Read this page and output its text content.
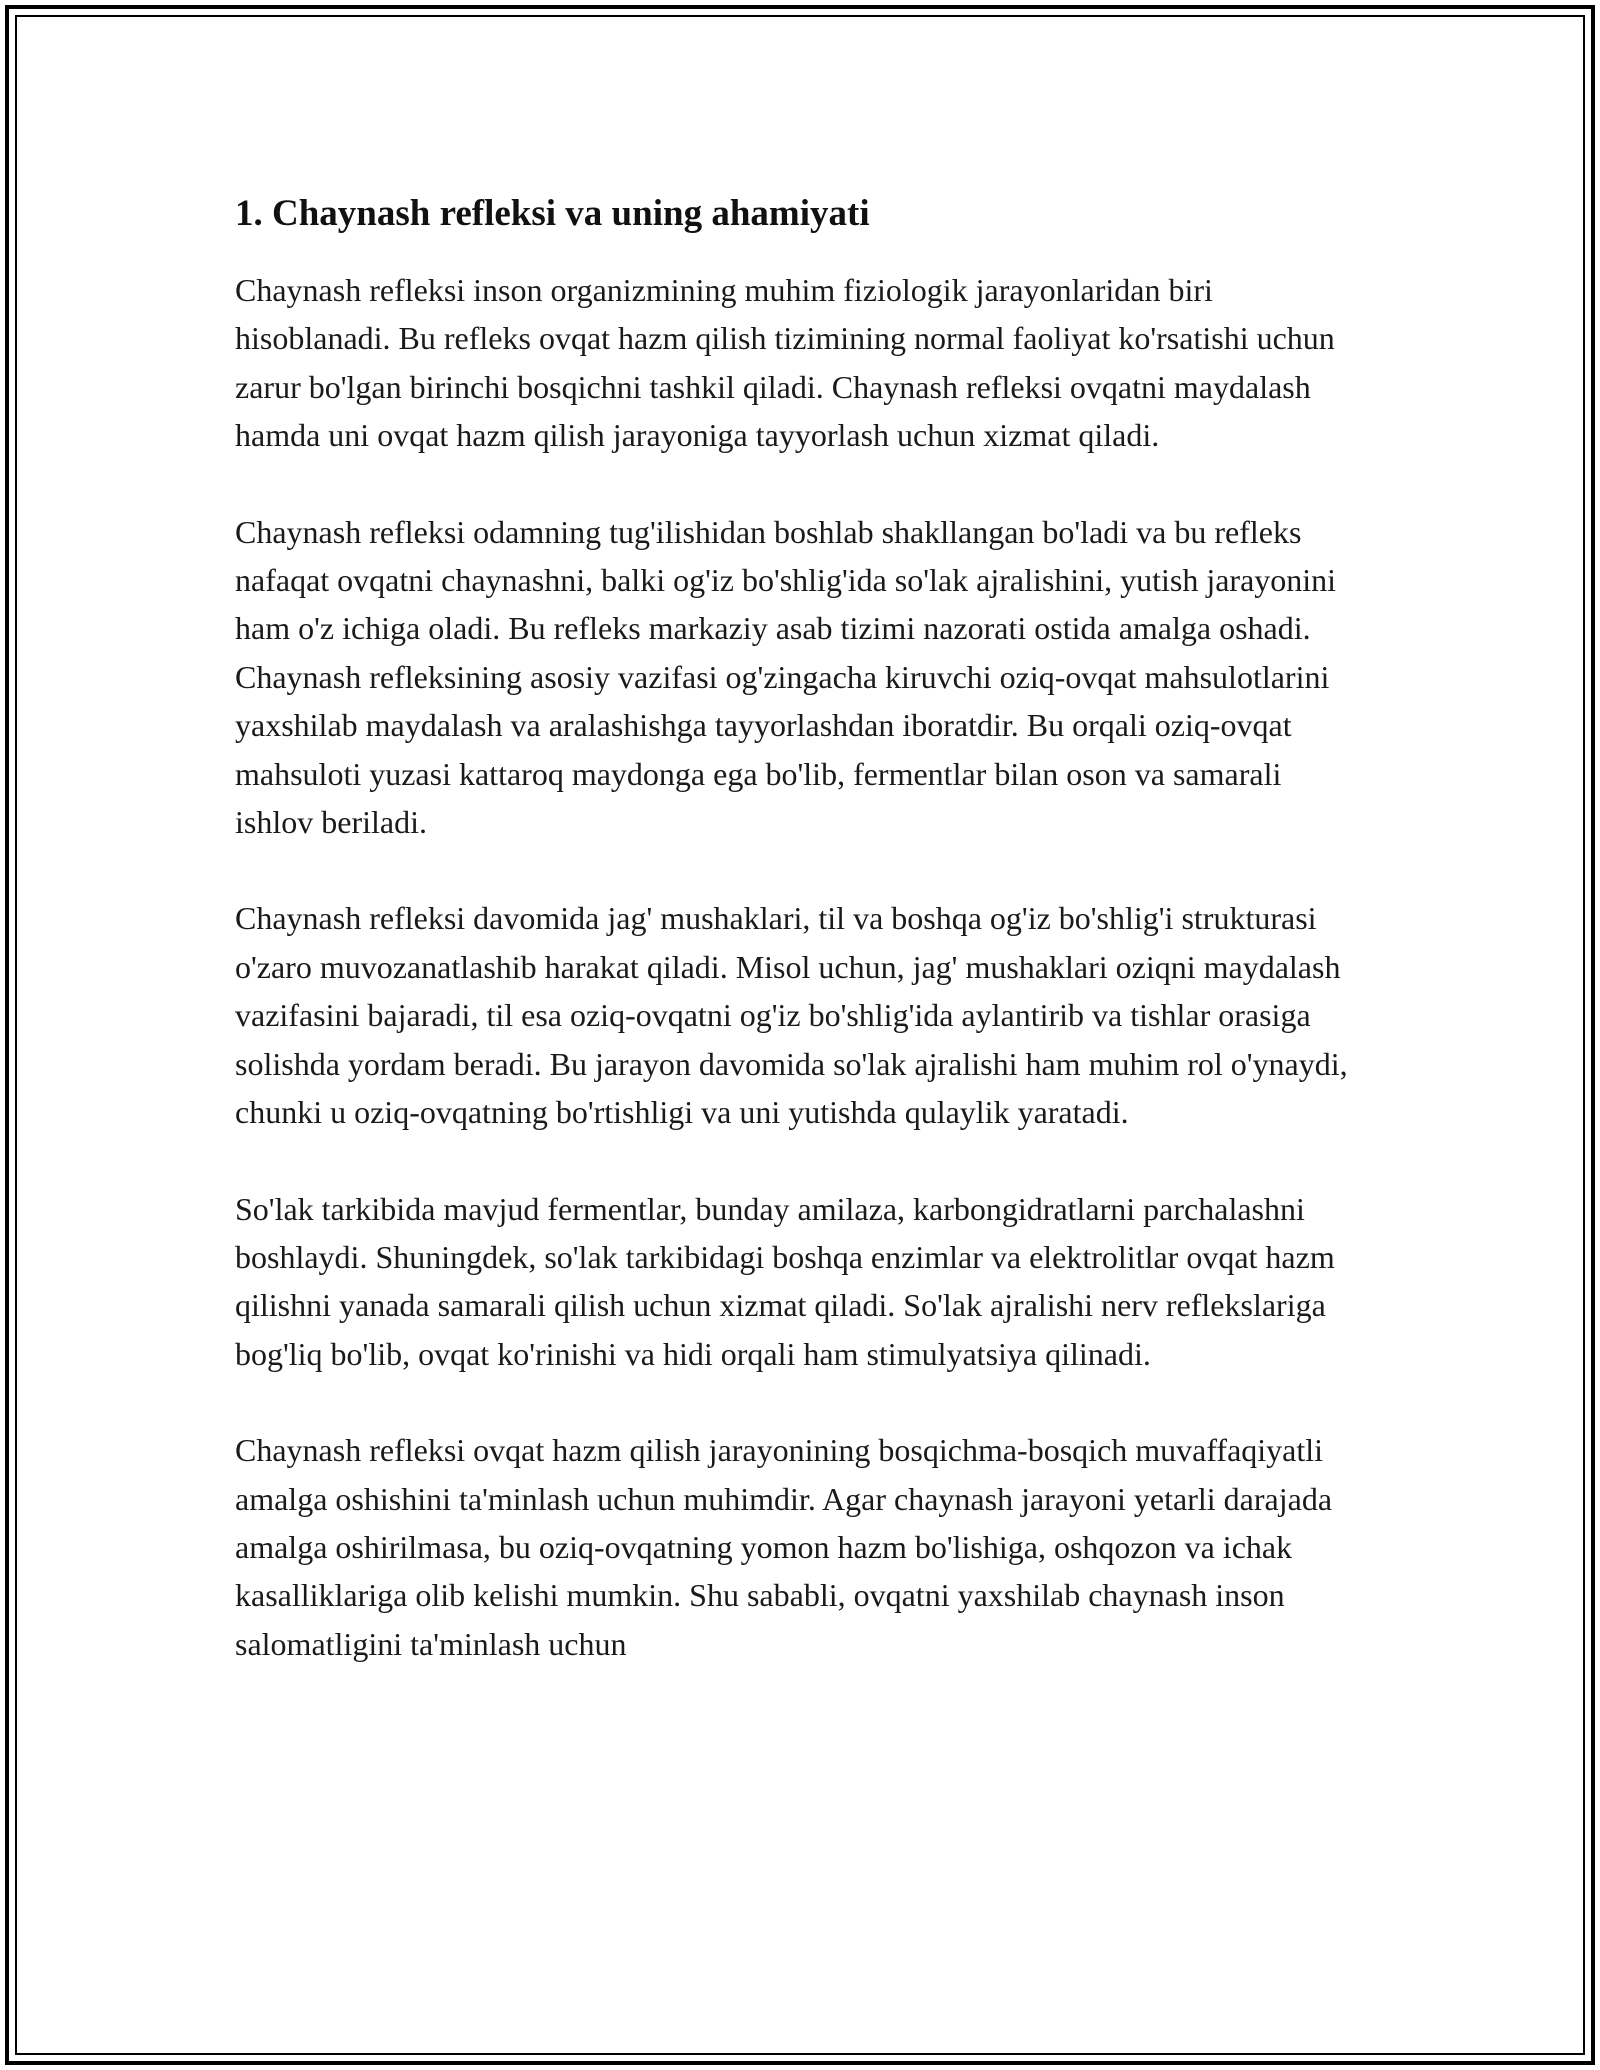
1. Chaynash refleksi va uning ahamiyati

Chaynash refleksi inson organizmining muhim fiziologik jarayonlaridan biri hisoblanadi. Bu refleks ovqat hazm qilish tizimining normal faoliyat ko'rsatishi uchun zarur bo'lgan birinchi bosqichni tashkil qiladi. Chaynash refleksi ovqatni maydalash hamda uni ovqat hazm qilish jarayoniga tayyorlash uchun xizmat qiladi.

Chaynash refleksi odamning tug'ilishidan boshlab shakllangan bo'ladi va bu refleks nafaqat ovqatni chaynashni, balki og'iz bo'shlig'ida so'lak ajralishini, yutish jarayonini ham o'z ichiga oladi. Bu refleks markaziy asab tizimi nazorati ostida amalga oshadi. Chaynash refleksining asosiy vazifasi og'zingacha kiruvchi oziq-ovqat mahsulotlarini yaxshilab maydalash va aralashishga tayyorlashdan iboratdir. Bu orqali oziq-ovqat mahsuloti yuzasi kattaroq maydonga ega bo'lib, fermentlar bilan oson va samarali ishlov beriladi.

Chaynash refleksi davomida jag' mushaklari, til va boshqa og'iz bo'shlig'i strukturasi o'zaro muvozanatlashib harakat qiladi. Misol uchun, jag' mushaklari oziqni maydalash vazifasini bajaradi, til esa oziq-ovqatni og'iz bo'shlig'ida aylantirib va tishlar orasiga solishda yordam beradi. Bu jarayon davomida so'lak ajralishi ham muhim rol o'ynaydi, chunki u oziq-ovqatning bo'rtishligi va uni yutishda qulaylik yaratadi.

So'lak tarkibida mavjud fermentlar, bunday amilaza, karbongidratlarni parchalashni boshlaydi. Shuningdek, so'lak tarkibidagi boshqa enzimlar va elektrolitlar ovqat hazm qilishni yanada samarali qilish uchun xizmat qiladi. So'lak ajralishi nerv reflekslariga bog'liq bo'lib, ovqat ko'rinishi va hidi orqali ham stimulyatsiya qilinadi.

Chaynash refleksi ovqat hazm qilish jarayonining bosqichma-bosqich muvaffaqiyatli amalga oshishini ta'minlash uchun muhimdir. Agar chaynash jarayoni yetarli darajada amalga oshirilmasa, bu oziq-ovqatning yomon hazm bo'lishiga, oshqozon va ichak kasalliklariga olib kelishi mumkin. Shu sababli, ovqatni yaxshilab chaynash inson salomatligini ta'minlash uchun
